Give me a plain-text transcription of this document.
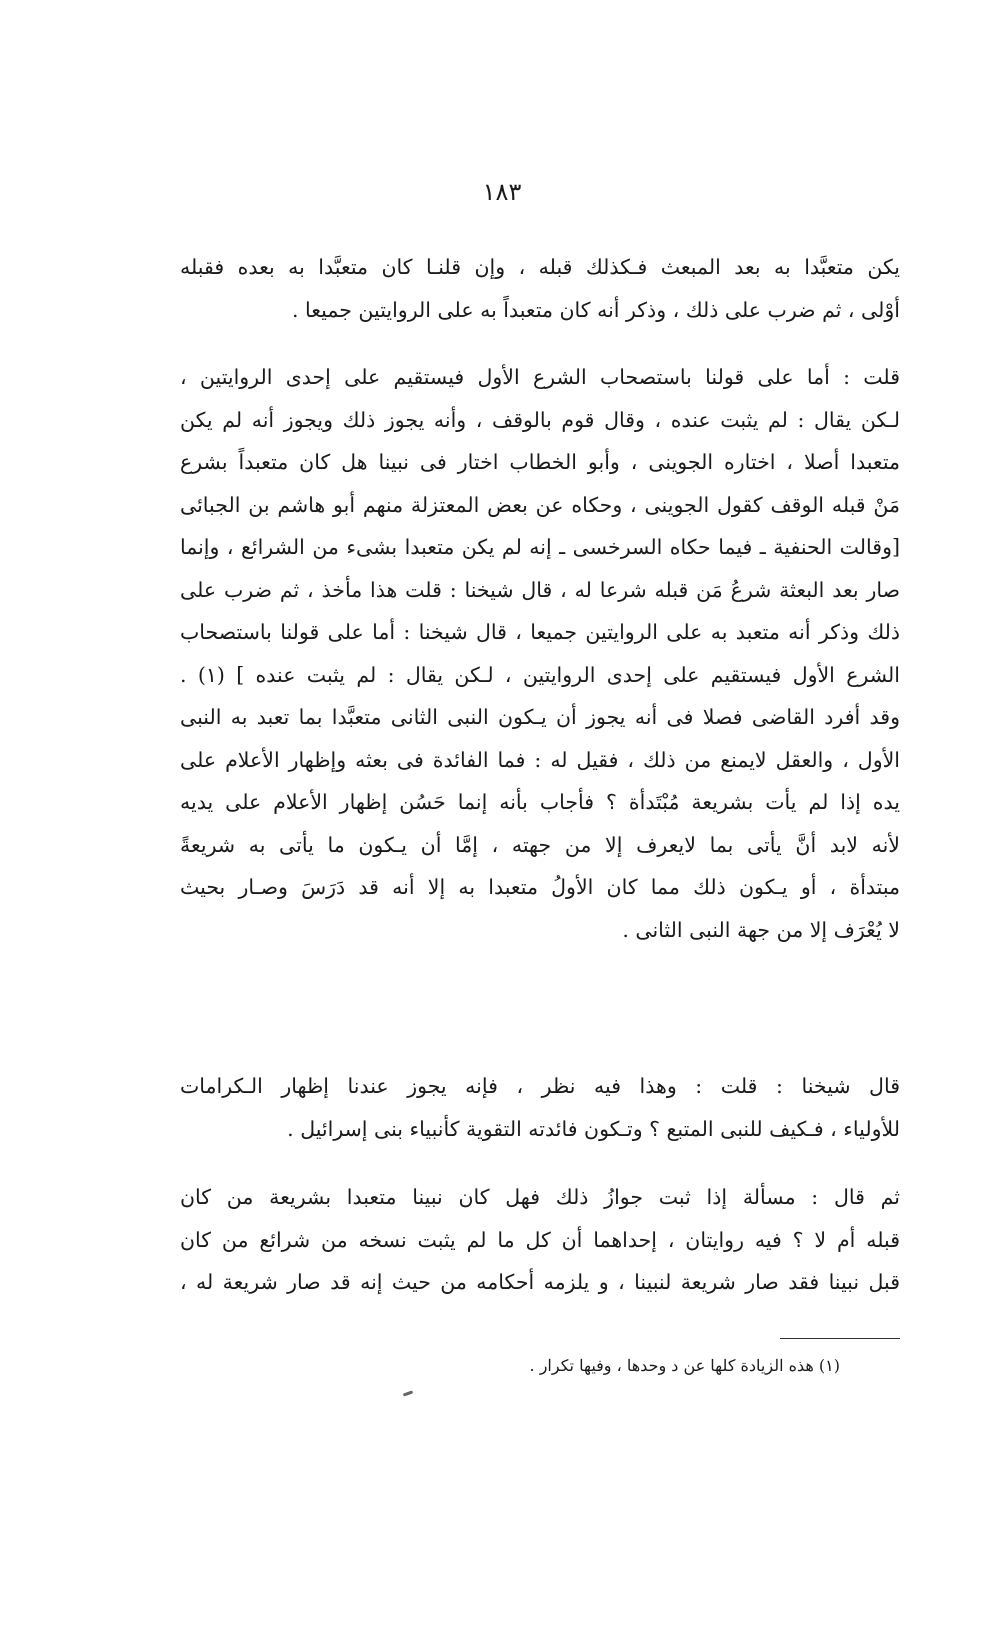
١٨٣
يكن متعبَّدا به بعد المبعث فـكذلك قبله ، وإن قلنـا كان متعبَّدا به بعده فقبله
أوْلى ، ثم ضرب على ذلك ، وذكر أنه كان متعبداً به على الروايتين جميعا .
قلت : أما على قولنا باستصحاب الشرع الأول فيستقيم على إحدى الروايتين ،
لـكن يقال : لم يثبت عنده ، وقال قوم بالوقف ، وأنه يجوز ذلك ويجوز أنه لم يكن
متعبدا أصلا ، اختاره الجوينى ، وأبو الخطاب اختار فى نبينا هل كان متعبداً بشرع
مَنْ قبله الوقف كقول الجوينى ، وحكاه عن بعض المعتزلة منهم أبو هاشم بن الجبائى
[وقالت الحنفية ـ فيما حكاه السرخسى ـ إنه لم يكن متعبدا بشىء من الشرائع ، وإنما
صار بعد البعثة شرعُ مَن قبله شرعا له ، قال شيخنا : قلت هذا مأخذ ، ثم ضرب على
ذلك وذكر أنه متعبد به على الروايتين جميعا ، قال شيخنا : أما على قولنا باستصحاب
الشرع الأول فيستقيم على إحدى الروايتين ، لـكن يقال : لم يثبت عنده ] (١) .
وقد أفرد القاضى فصلا فى أنه يجوز أن يـكون النبى الثانى متعبَّدا بما تعبد به النبى
الأول ، والعقل لايمنع من ذلك ، فقيل له : فما الفائدة فى بعثه وإظهار الأعلام على
يده إذا لم يأت بشريعة مُبْتَدأة ؟ فأجاب بأنه إنما حَسُن إظهار الأعلام على يديه
لأنه لابد أنَّ يأتى بما لايعرف إلا من جهته ، إمَّا أن يـكون ما يأتى به شريعةً
مبتدأة ، أو يـكون ذلك مما كان الأولُ متعبدا به إلا أنه قد دَرَسَ وصـار بحيث
لا يُعْرَف إلا من جهة النبى الثانى .
قال شيخنا : قلت : وهذا فيه نظر ، فإنه يجوز عندنا إظهار الـكرامات
للأولياء ، فـكيف للنبى المتبع ؟ وتـكون فائدته التقوية كأنبياء بنى إسرائيل .
ثم قال : مسألة إذا ثبت جوازُ ذلك فهل كان نبينا متعبدا بشريعة من كان
قبله أم لا ؟ فيه روايتان ، إحداهما أن كل ما لم يثبت نسخه من شرائع من كان
قبل نبينا فقد صار شريعة لنبينا ، و يلزمه أحكامه من حيث إنه قد صار شريعة له ،
(١) هذه الزيادة كلها عن د وحدها ، وفيها تكرار .
